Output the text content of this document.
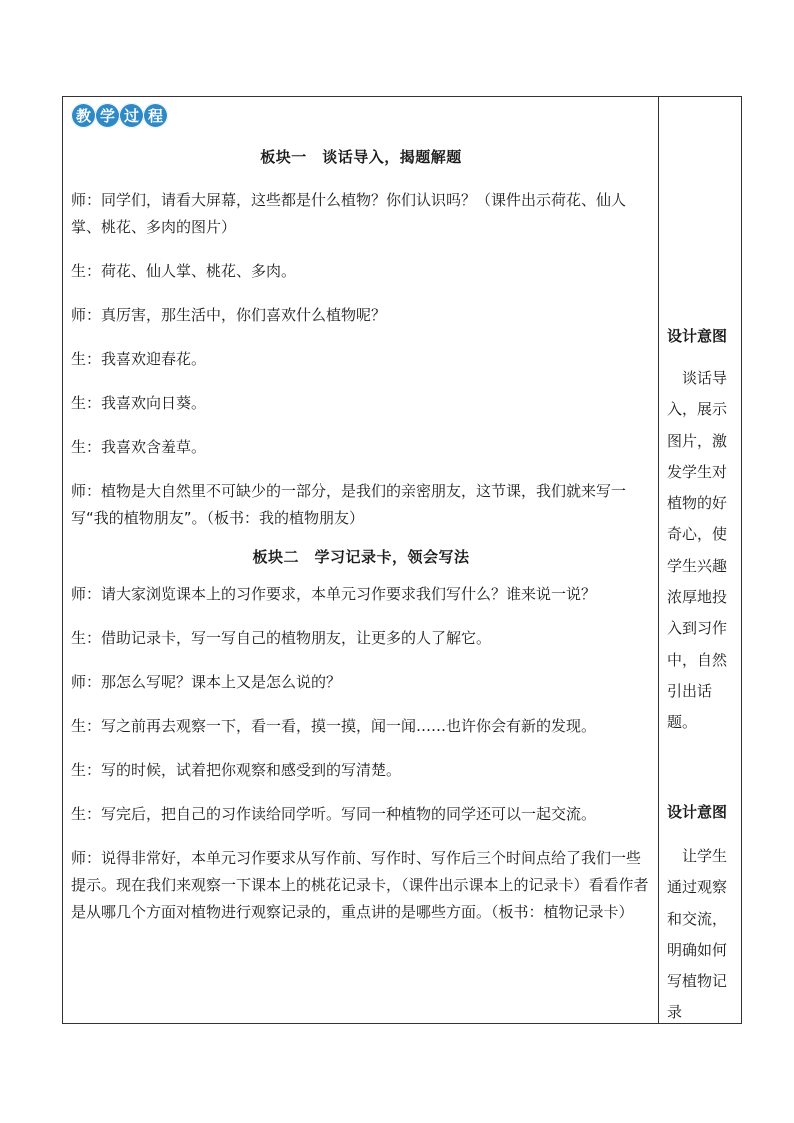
教 学 过 程
板块一　谈话导入，揭题解题

师：同学们，请看大屏幕，这些都是什么植物？你们认识吗？（课件出示荷花、仙人掌、桃花、多肉的图片）

生：荷花、仙人掌、桃花、多肉。

师：真厉害，那生活中，你们喜欢什么植物呢？

生：我喜欢迎春花。

生：我喜欢向日葵。

生：我喜欢含羞草。

师：植物是大自然里不可缺少的一部分，是我们的亲密朋友，这节课，我们就来写一写“我的植物朋友”。（板书：我的植物朋友）

板块二　学习记录卡，领会写法

师：请大家浏览课本上的习作要求，本单元习作要求我们写什么？谁来说一说？

生：借助记录卡，写一写自己的植物朋友，让更多的人了解它。

师：那怎么写呢？课本上又是怎么说的？

生：写之前再去观察一下，看一看，摸一摸，闻一闻……也许你会有新的发现。

生：写的时候，试着把你观察和感受到的写清楚。

生：写完后，把自己的习作读给同学听。写同一种植物的同学还可以一起交流。

师：说得非常好，本单元习作要求从写作前、写作时、写作后三个时间点给了我们一些提示。现在我们来观察一下课本上的桃花记录卡，（课件出示课本上的记录卡）看看作者是从哪几个方面对植物进行观察记录的，重点讲的是哪些方面。（板书：植物记录卡）

设计意图
　谈话导入，展示图片，激发学生对植物的好奇心，使学生兴趣浓厚地投入到习作中，自然引出话题。
设计意图
　让学生通过观察和交流，明确如何写植物记录
